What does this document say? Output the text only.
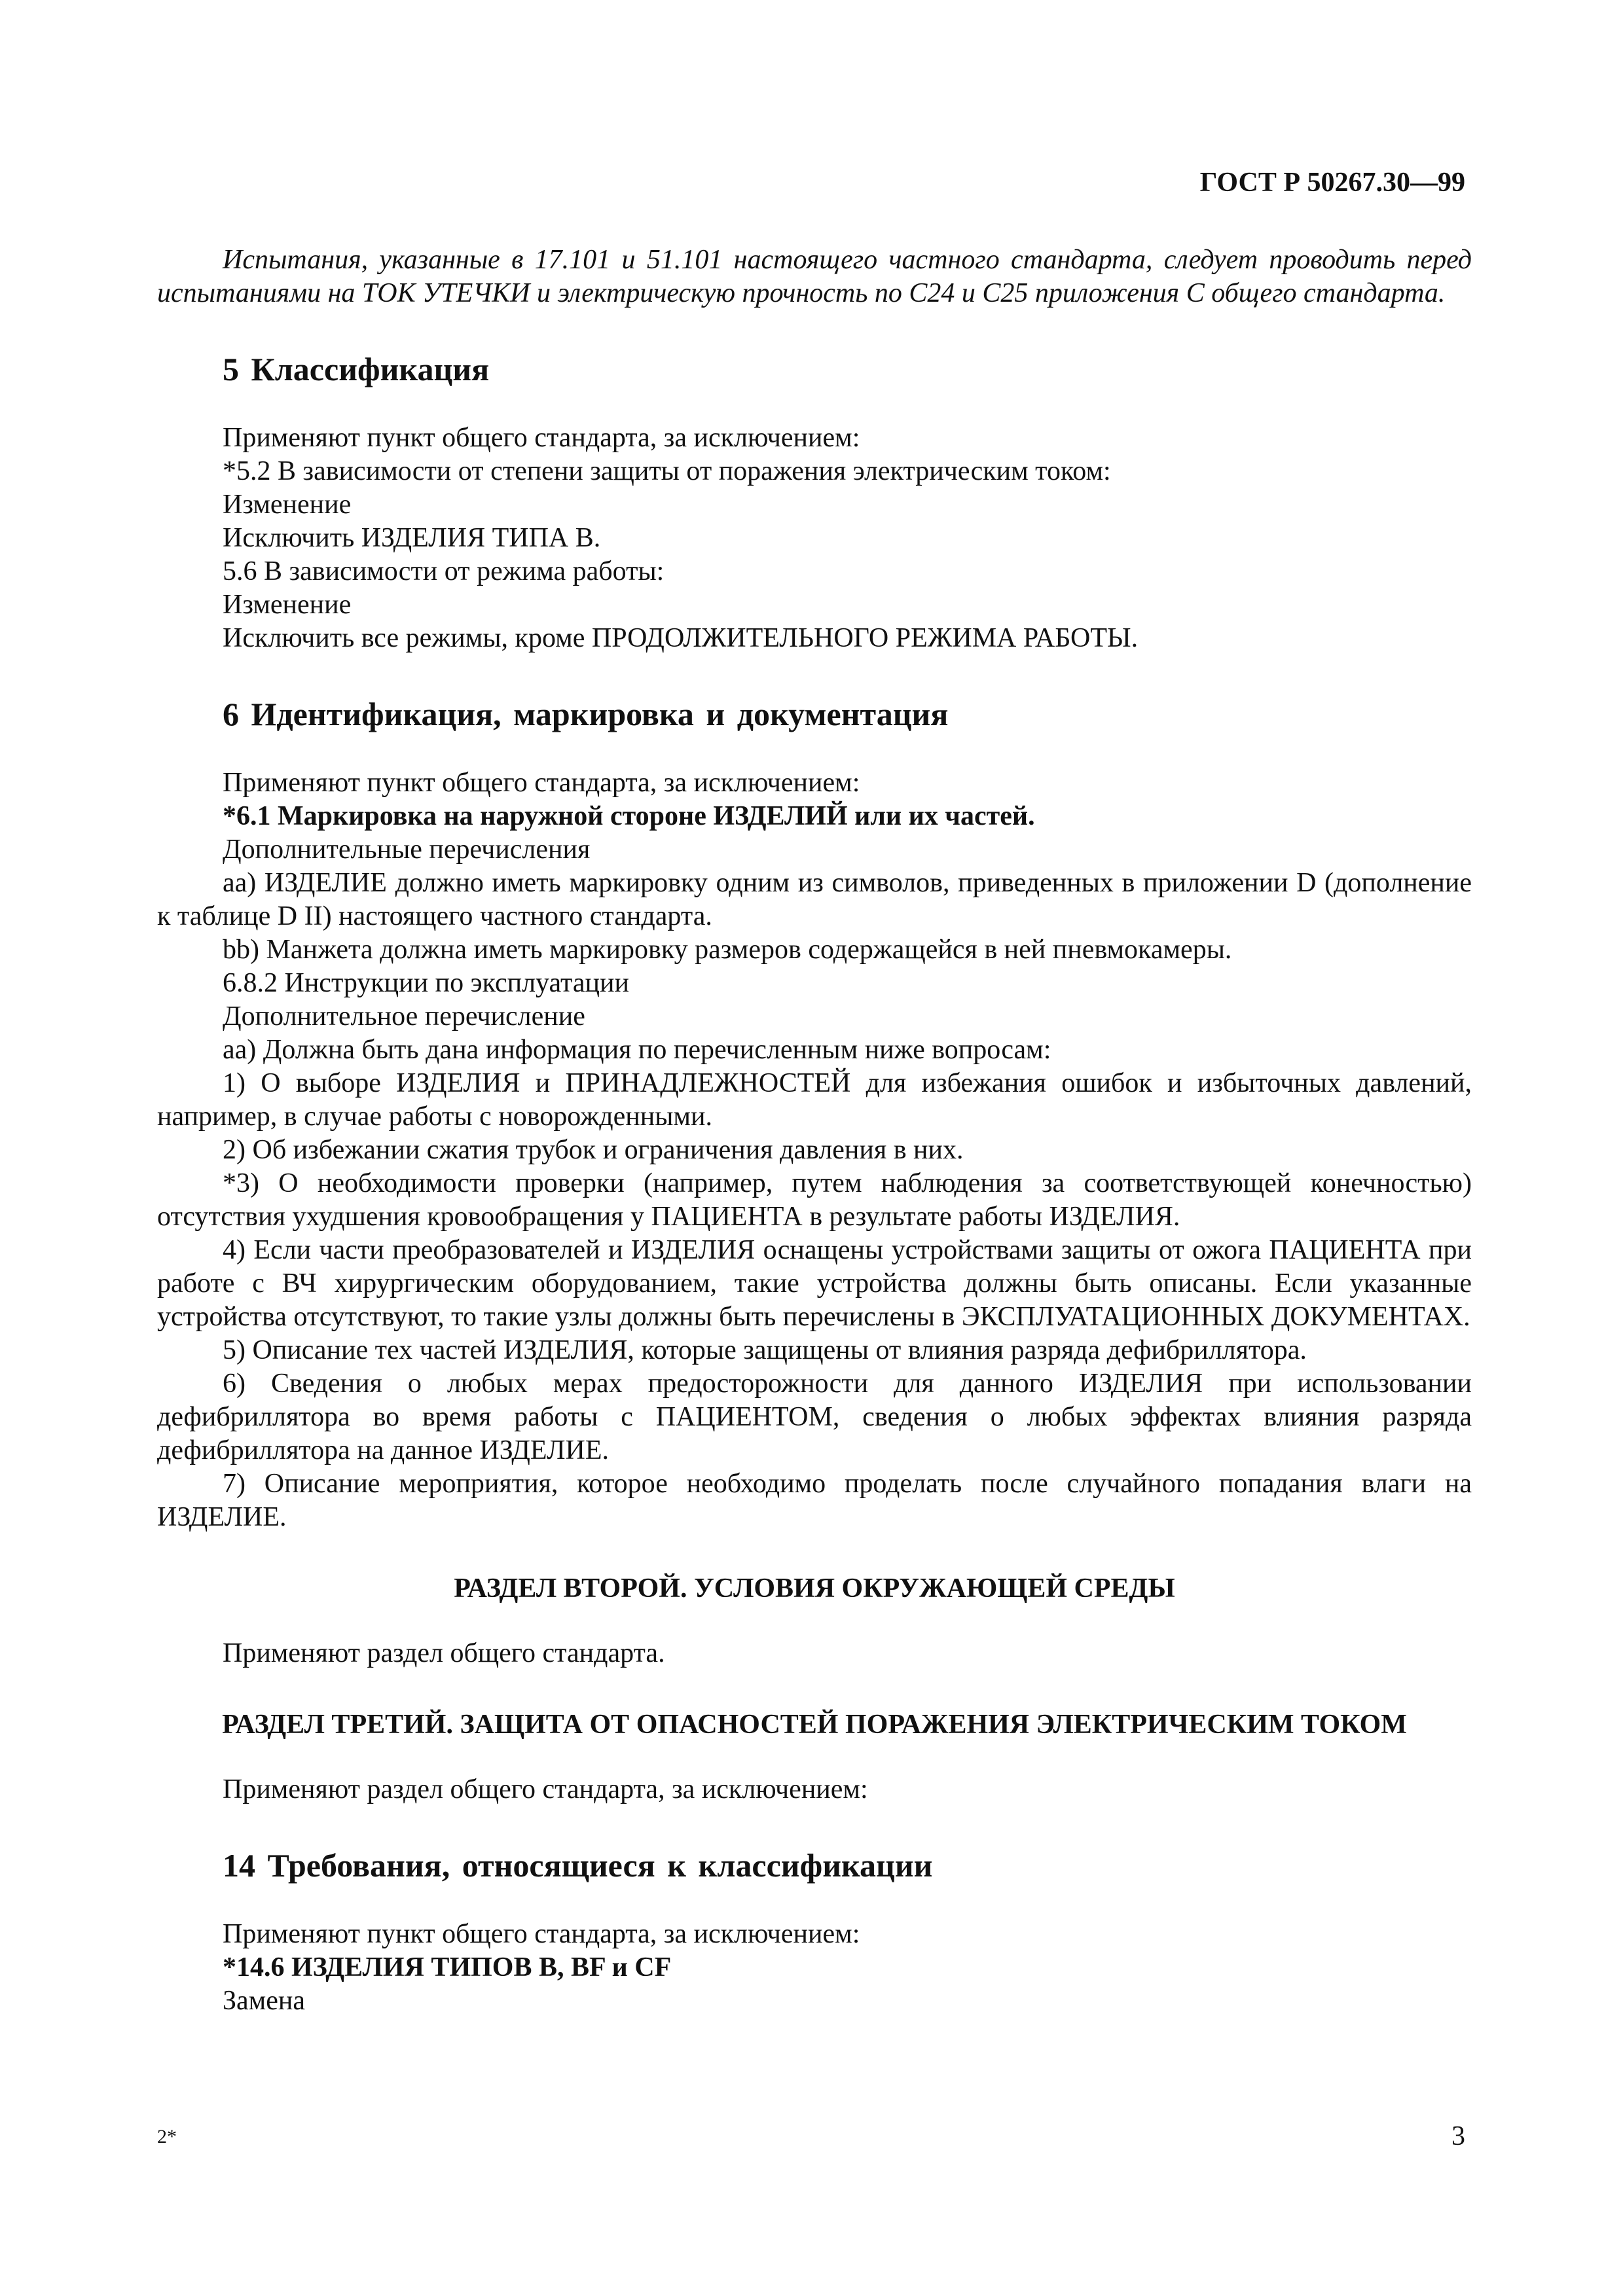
ГОСТ Р 50267.30—99

Испытания, указанные в 17.101 и 51.101 настоящего частного стандарта, следует проводить перед испытаниями на ТОК УТЕЧКИ и электрическую прочность по С24 и С25 приложения С общего стандарта.

5 Классификация

Применяют пункт общего стандарта, за исключением:

*5.2 В зависимости от степени защиты от поражения электрическим током:

Изменение

Исключить ИЗДЕЛИЯ ТИПА В.

5.6 В зависимости от режима работы:

Изменение

Исключить все режимы, кроме ПРОДОЛЖИТЕЛЬНОГО РЕЖИМА РАБОТЫ.

6 Идентификация, маркировка и документация

Применяют пункт общего стандарта, за исключением:

*6.1 Маркировка на наружной стороне ИЗДЕЛИЙ или их частей.

Дополнительные перечисления

аа) ИЗДЕЛИЕ должно иметь маркировку одним из символов, приведенных в приложении D (дополнение к таблице D II) настоящего частного стандарта.

bb) Манжета должна иметь маркировку размеров содержащейся в ней пневмокамеры.

6.8.2 Инструкции по эксплуатации

Дополнительное перечисление

аа) Должна быть дана информация по перечисленным ниже вопросам:

1) О выборе ИЗДЕЛИЯ и ПРИНАДЛЕЖНОСТЕЙ для избежания ошибок и избыточных давлений, например, в случае работы с новорожденными.

2) Об избежании сжатия трубок и ограничения давления в них.

*3) О необходимости проверки (например, путем наблюдения за соответствующей конечностью) отсутствия ухудшения кровообращения у ПАЦИЕНТА в результате работы ИЗДЕЛИЯ.

4) Если части преобразователей и ИЗДЕЛИЯ оснащены устройствами защиты от ожога ПАЦИЕНТА при работе с ВЧ хирургическим оборудованием, такие устройства должны быть описаны. Если указанные устройства отсутствуют, то такие узлы должны быть перечислены в ЭКСПЛУАТАЦИОННЫХ ДОКУМЕНТАХ.

5) Описание тех частей ИЗДЕЛИЯ, которые защищены от влияния разряда дефибриллятора.

6) Сведения о любых мерах предосторожности для данного ИЗДЕЛИЯ при использовании дефибриллятора во время работы с ПАЦИЕНТОМ, сведения о любых эффектах влияния разряда дефибриллятора на данное ИЗДЕЛИЕ.

7) Описание мероприятия, которое необходимо проделать после случайного попадания влаги на ИЗДЕЛИЕ.

РАЗДЕЛ ВТОРОЙ. УСЛОВИЯ ОКРУЖАЮЩЕЙ СРЕДЫ

Применяют раздел общего стандарта.

РАЗДЕЛ ТРЕТИЙ. ЗАЩИТА ОТ ОПАСНОСТЕЙ ПОРАЖЕНИЯ ЭЛЕКТРИЧЕСКИМ ТОКОМ

Применяют раздел общего стандарта, за исключением:

14 Требования, относящиеся к классификации

Применяют пункт общего стандарта, за исключением:

*14.6 ИЗДЕЛИЯ ТИПОВ В, BF и CF

Замена

2*	3
